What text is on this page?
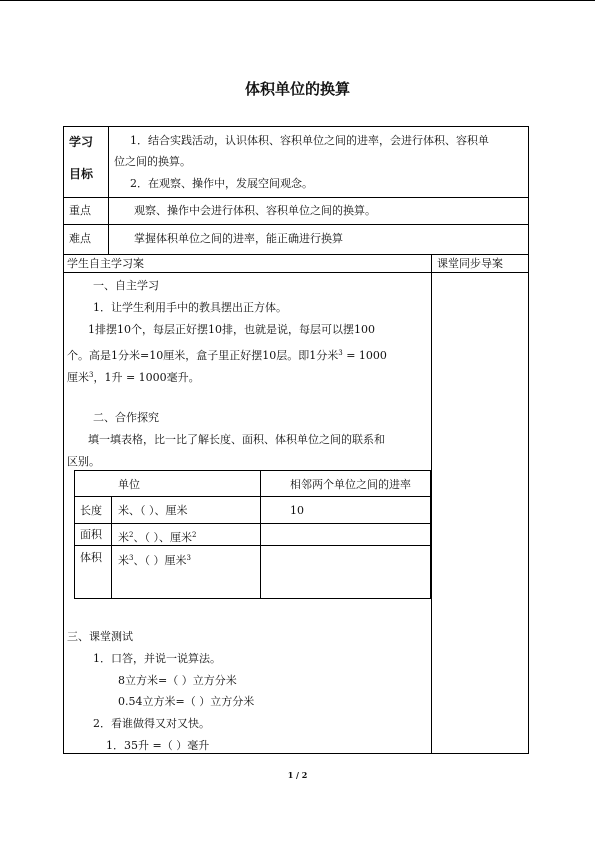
体积单位的换算
学习
目标
1．结合实践活动，认识体积、容积单位之间的进率，会进行体积、容积单
位之间的换算。
2．在观察、操作中，发展空间观念。
重点	观察、操作中会进行体积、容积单位之间的换算。
难点	掌握体积单位之间的进率，能正确进行换算
学生自主学习案	课堂同步导案
一、自主学习
1．让学生利用手中的教具摆出正方体。
1排摆10个，每层正好摆10排，也就是说，每层可以摆100
个。高是1分米=10厘米，盒子里正好摆10层。即1分米$^3$ = 1000
厘米$^3$，1升 = 1000毫升。
二、合作探究
填一填表格，比一比了解长度、面积、体积单位之间的联系和
区别。
单位	相邻两个单位之间的进率
长度 米、（ ）、厘米	10
面积 米$^2$、（ ）、厘米$^2$
体积 米$^3$、（ ）厘米$^3$
三、课堂测试
1．口答，并说一说算法。
8立方米=（ ）立方分米
0.54立方米=（ ）立方分米
2．看谁做得又对又快。
1．35升 =（ ）毫升
1 / 2
